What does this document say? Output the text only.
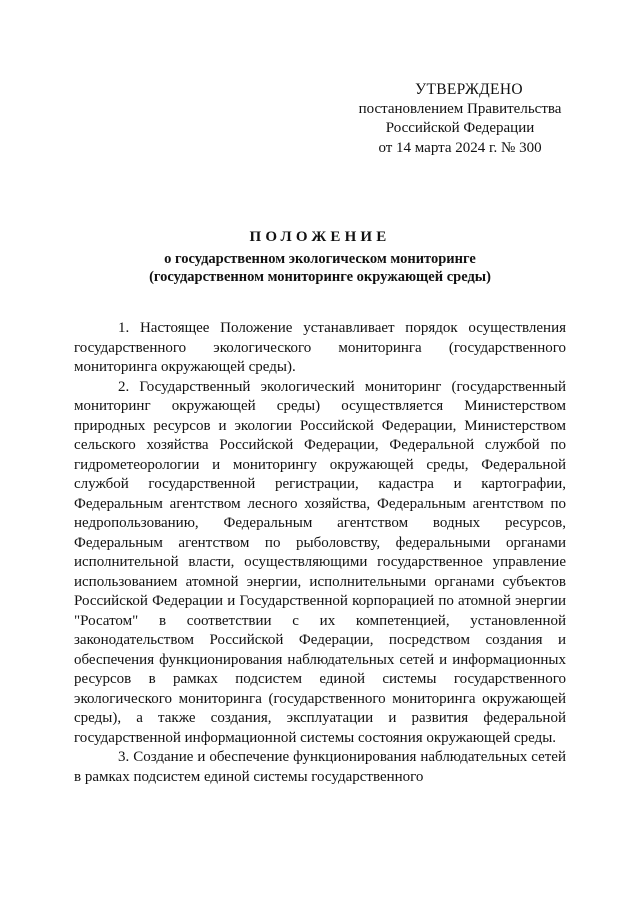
УТВЕРЖДЕНО
постановлением Правительства
Российской Федерации
от 14 марта 2024 г. № 300
ПОЛОЖЕНИЕ
о государственном экологическом мониторинге
(государственном мониторинге окружающей среды)

1. Настоящее Положение устанавливает порядок осуществления государственного экологического мониторинга (государственного мониторинга окружающей среды).

2. Государственный экологический мониторинг (государственный мониторинг окружающей среды) осуществляется Министерством природных ресурсов и экологии Российской Федерации, Министерством сельского хозяйства Российской Федерации, Федеральной службой по гидрометеорологии и мониторингу окружающей среды, Федеральной службой государственной регистрации, кадастра и картографии, Федеральным агентством лесного хозяйства, Федеральным агентством по недропользованию, Федеральным агентством водных ресурсов, Федеральным агентством по рыболовству, федеральными органами исполнительной власти, осуществляющими государственное управление использованием атомной энергии, исполнительными органами субъектов Российской Федерации и Государственной корпорацией по атомной энергии "Росатом" в соответствии с их компетенцией, установленной законодательством Российской Федерации, посредством создания и обеспечения функционирования наблюдательных сетей и информационных ресурсов в рамках подсистем единой системы государственного экологического мониторинга (государственного мониторинга окружающей среды), а также создания, эксплуатации и развития федеральной государственной информационной системы состояния окружающей среды.

3. Создание и обеспечение функционирования наблюдательных сетей в рамках подсистем единой системы государственного
